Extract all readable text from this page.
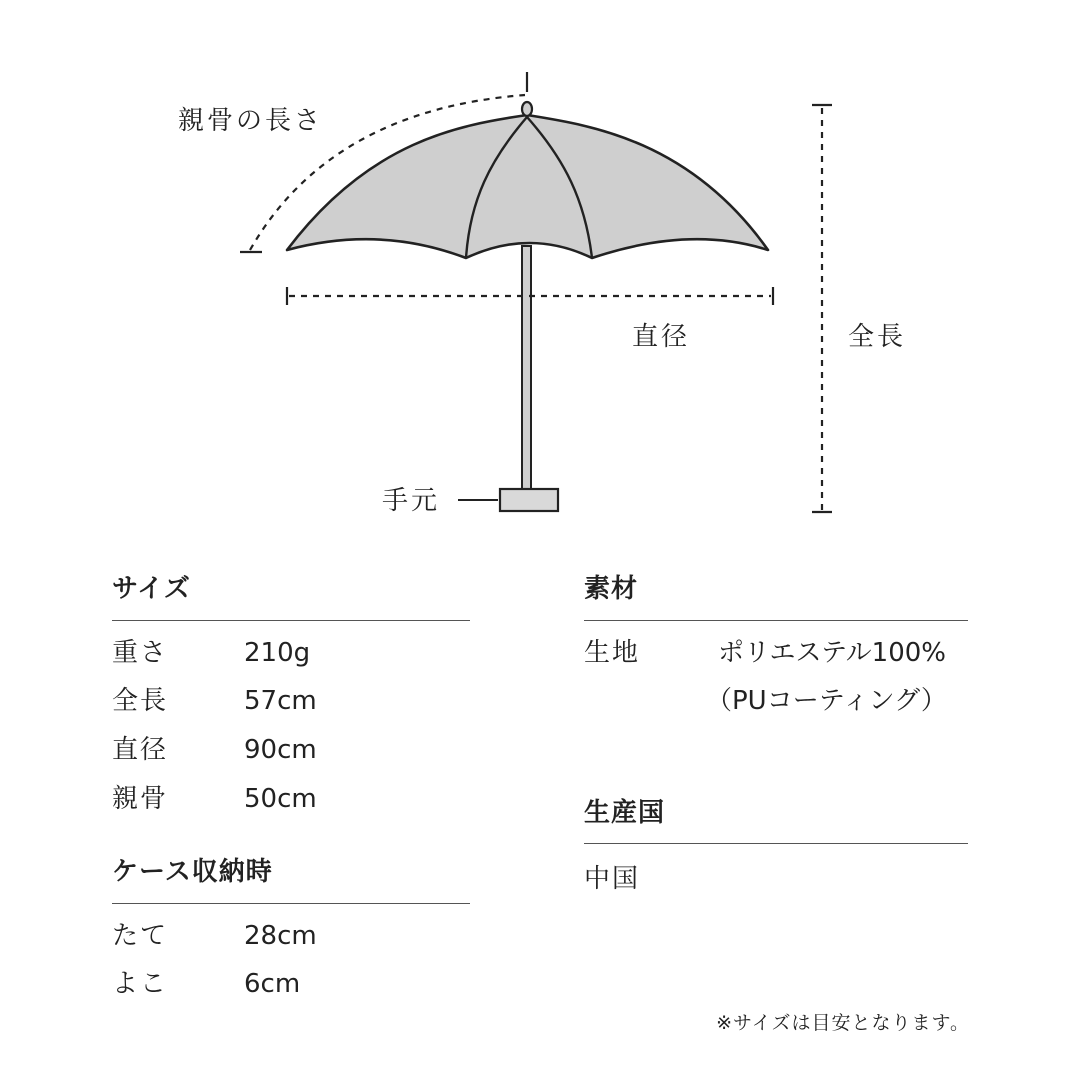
親骨の長さ
直径	全長
手元
サイズ
重さ	210g
全長	57cm
直径	90cm
親骨	50cm
ケース収納時
たて	28cm
よこ	6cm
素材
生地	ポリエステル100%
（PUコーティング）
生産国
中国
※サイズは目安となります。
